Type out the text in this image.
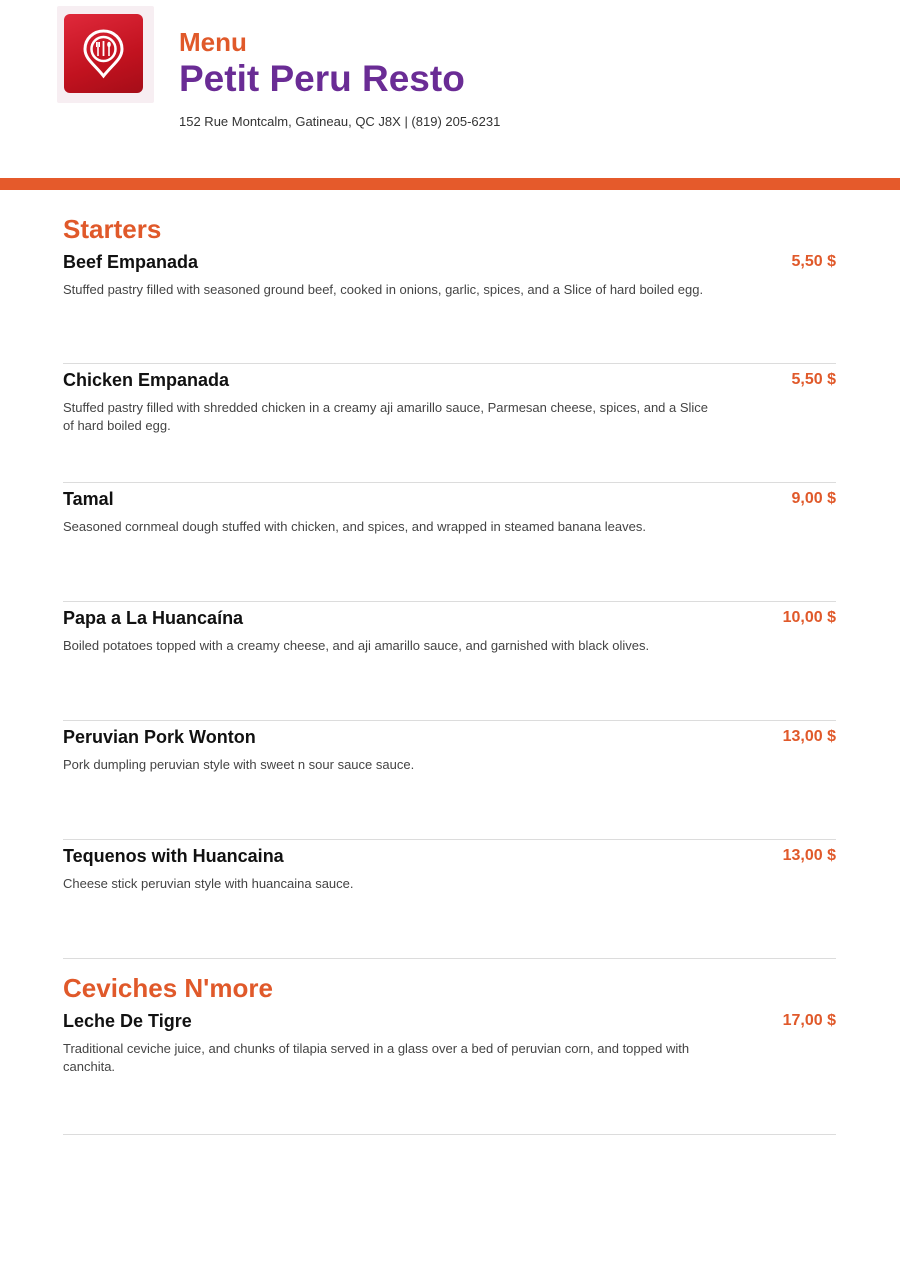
Menu
Petit Peru Resto
152 Rue Montcalm, Gatineau, QC J8X | (819) 205-6231
Starters
Beef Empanada	5,50 $
Stuffed pastry filled with seasoned ground beef, cooked in onions, garlic, spices, and a Slice of hard boiled egg.
Chicken Empanada	5,50 $
Stuffed pastry filled with shredded chicken in a creamy aji amarillo sauce, Parmesan cheese, spices, and a Slice of hard boiled egg.
Tamal	9,00 $
Seasoned cornmeal dough stuffed with chicken, and spices, and wrapped in steamed banana leaves.
Papa a La Huancaína	10,00 $
Boiled potatoes topped with a creamy cheese, and aji amarillo sauce, and garnished with black olives.
Peruvian Pork Wonton	13,00 $
Pork dumpling peruvian style with sweet n sour sauce sauce.
Tequenos with Huancaina	13,00 $
Cheese stick peruvian style with huancaina sauce.
Ceviches N'more
Leche De Tigre	17,00 $
Traditional ceviche juice, and chunks of tilapia served in a glass over a bed of peruvian corn, and topped with canchita.
